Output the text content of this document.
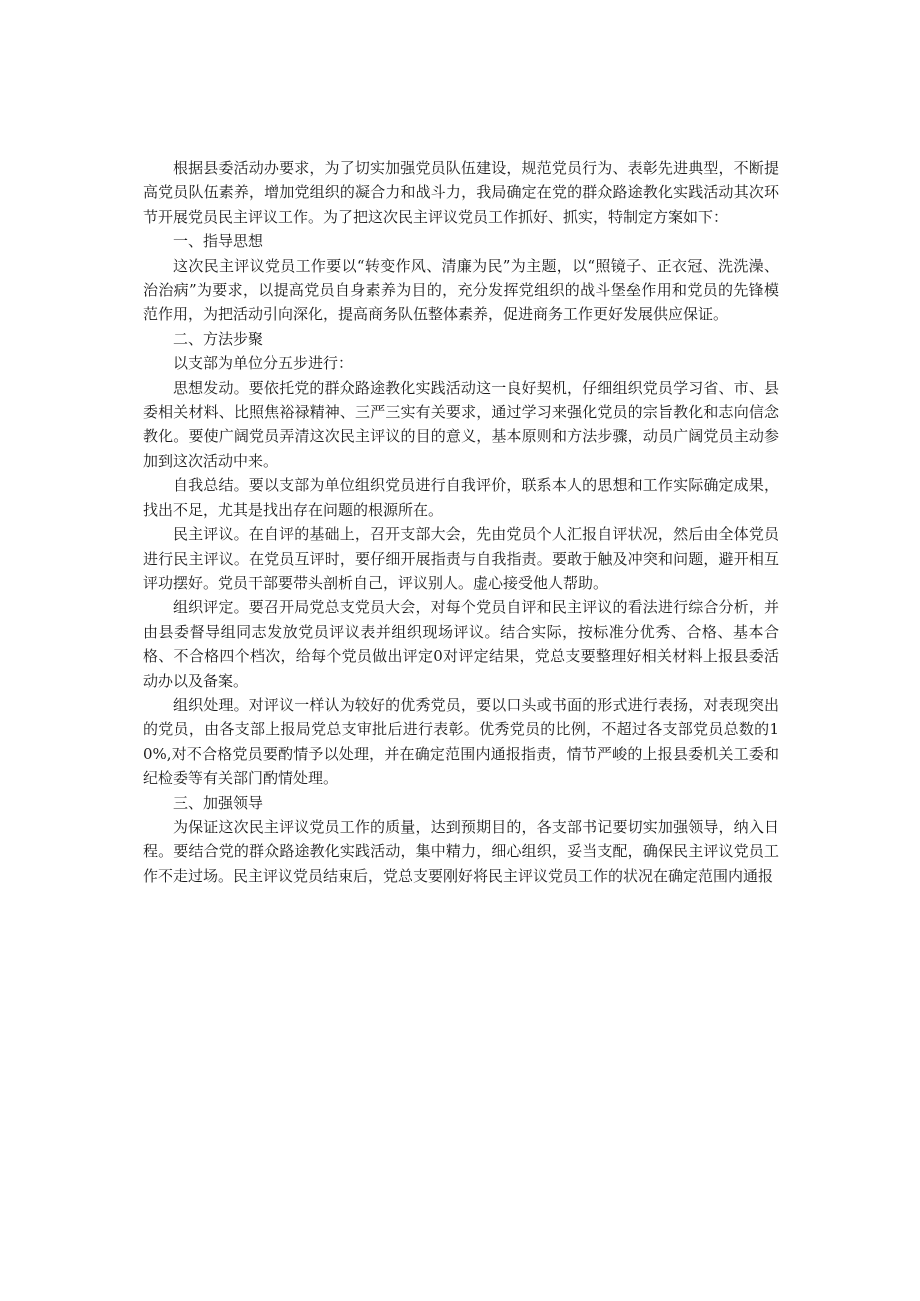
根据县委活动办要求，为了切实加强党员队伍建设，规范党员行为、表彰先进典型，不断提高党员队伍素养，增加党组织的凝合力和战斗力，我局确定在党的群众路途教化实践活动其次环节开展党员民主评议工作。为了把这次民主评议党员工作抓好、抓实，特制定方案如下：

一、指导思想

这次民主评议党员工作要以“转变作风、清廉为民”为主题，以“照镜子、正衣冠、洗洗澡、治治病”为要求，以提高党员自身素养为目的，充分发挥党组织的战斗堡垒作用和党员的先锋模范作用，为把活动引向深化，提高商务队伍整体素养，促进商务工作更好发展供应保证。

二、方法步聚

以支部为单位分五步进行：

思想发动。要依托党的群众路途教化实践活动这一良好契机，仔细组织党员学习省、市、县委相关材料、比照焦裕禄精神、三严三实有关要求，通过学习来强化党员的宗旨教化和志向信念教化。要使广阔党员弄清这次民主评议的目的意义，基本原则和方法步骤，动员广阔党员主动参加到这次活动中来。

自我总结。要以支部为单位组织党员进行自我评价，联系本人的思想和工作实际确定成果，找出不足，尤其是找出存在问题的根源所在。

民主评议。在自评的基础上，召开支部大会，先由党员个人汇报自评状况，然后由全体党员进行民主评议。在党员互评时，要仔细开展指责与自我指责。要敢于触及冲突和问题，避开相互评功摆好。党员干部要带头剖析自己，评议别人。虚心接受他人帮助。

组织评定。要召开局党总支党员大会，对每个党员自评和民主评议的看法进行综合分析，并由县委督导组同志发放党员评议表并组织现场评议。结合实际，按标准分优秀、合格、基本合格、不合格四个档次，给每个党员做出评定0对评定结果，党总支要整理好相关材料上报县委活动办以及备案。

组织处理。对评议一样认为较好的优秀党员，要以口头或书面的形式进行表扬，对表现突出的党员，由各支部上报局党总支审批后进行表彰。优秀党员的比例，不超过各支部党员总数的10%,对不合格党员要酌情予以处理，并在确定范围内通报指责，情节严峻的上报县委机关工委和纪检委等有关部门酌情处理。

三、加强领导

为保证这次民主评议党员工作的质量，达到预期目的，各支部书记要切实加强领导，纳入日程。要结合党的群众路途教化实践活动，集中精力，细心组织，妥当支配，确保民主评议党员工作不走过场。民主评议党员结束后，党总支要刚好将民主评议党员工作的状况在确定范围内通报
